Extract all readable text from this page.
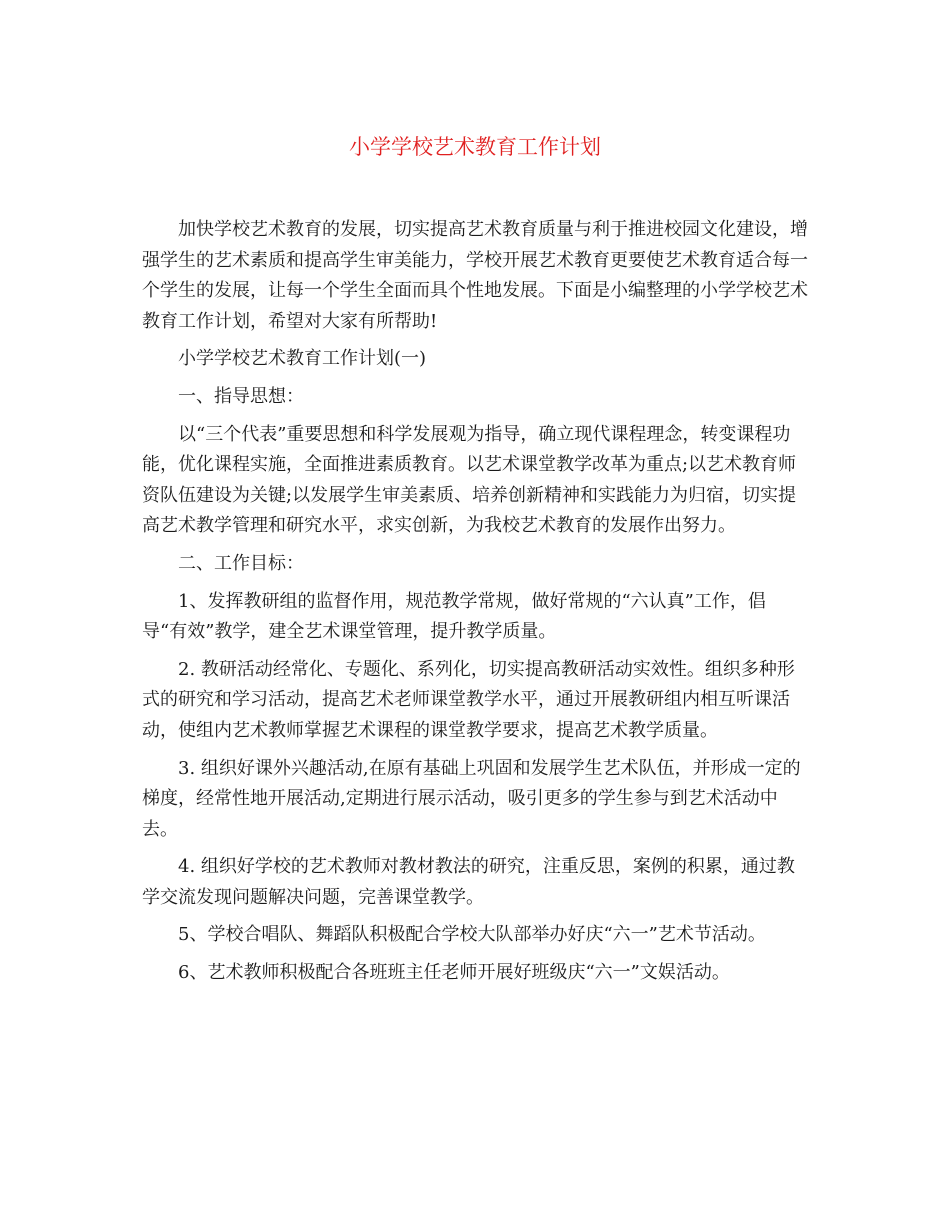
小学学校艺术教育工作计划

加快学校艺术教育的发展，切实提高艺术教育质量与利于推进校园文化建设，增强学生的艺术素质和提高学生审美能力，学校开展艺术教育更要使艺术教育适合每一个学生的发展，让每一个学生全面而具个性地发展。下面是小编整理的小学学校艺术教育工作计划，希望对大家有所帮助!

小学学校艺术教育工作计划(一)

一、指导思想：

以“三个代表”重要思想和科学发展观为指导，确立现代课程理念，转变课程功能，优化课程实施，全面推进素质教育。以艺术课堂教学改革为重点;以艺术教育师资队伍建设为关键;以发展学生审美素质、培养创新精神和实践能力为归宿，切实提高艺术教学管理和研究水平，求实创新，为我校艺术教育的发展作出努力。

二、工作目标：

1、发挥教研组的监督作用，规范教学常规，做好常规的“六认真”工作，倡导“有效”教学，建全艺术课堂管理，提升教学质量。

2. 教研活动经常化、专题化、系列化，切实提高教研活动实效性。组织多种形式的研究和学习活动，提高艺术老师课堂教学水平，通过开展教研组内相互听课活动，使组内艺术教师掌握艺术课程的课堂教学要求，提高艺术教学质量。

3. 组织好课外兴趣活动,在原有基础上巩固和发展学生艺术队伍，并形成一定的梯度，经常性地开展活动,定期进行展示活动，吸引更多的学生参与到艺术活动中去。

4. 组织好学校的艺术教师对教材教法的研究，注重反思，案例的积累，通过教学交流发现问题解决问题，完善课堂教学。

5、学校合唱队、舞蹈队积极配合学校大队部举办好庆“六一”艺术节活动。

6、艺术教师积极配合各班班主任老师开展好班级庆“六一”文娱活动。
